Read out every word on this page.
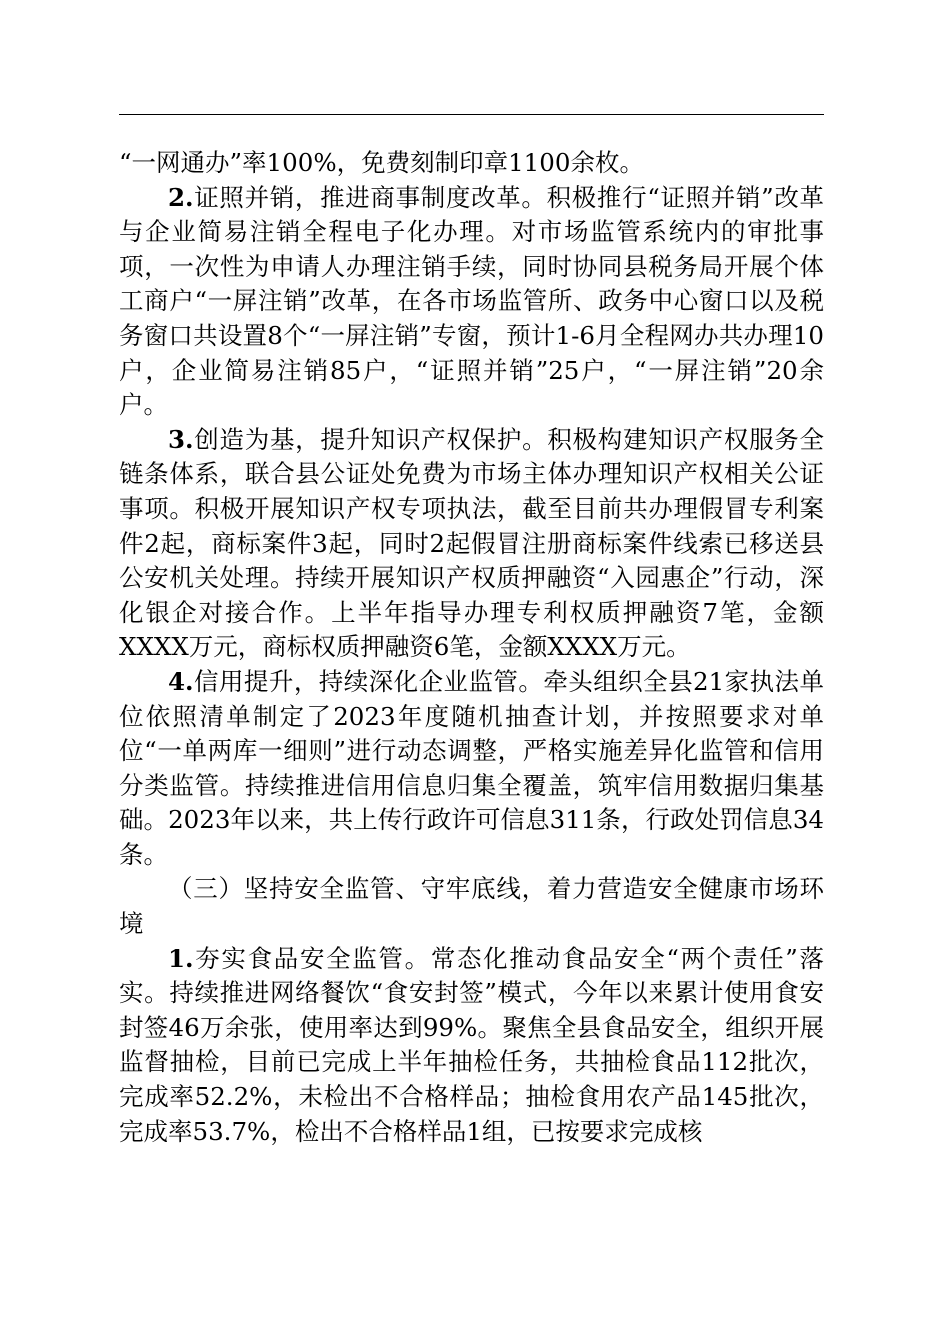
“一网通办”率100%，免费刻制印章1100余枚。

2.证照并销，推进商事制度改革。积极推行“证照并销”改革与企业简易注销全程电子化办理。对市场监管系统内的审批事项，一次性为申请人办理注销手续，同时协同县税务局开展个体工商户“一屏注销”改革，在各市场监管所、政务中心窗口以及税务窗口共设置8个“一屏注销”专窗，预计1-6月全程网办共办理10户，企业简易注销85户，“证照并销”25户，“一屏注销”20余户。

3.创造为基，提升知识产权保护。积极构建知识产权服务全链条体系，联合县公证处免费为市场主体办理知识产权相关公证事项。积极开展知识产权专项执法，截至目前共办理假冒专利案件2起，商标案件3起，同时2起假冒注册商标案件线索已移送县公安机关处理。持续开展知识产权质押融资“入园惠企”行动，深化银企对接合作。上半年指导办理专利权质押融资7笔，金额XXXX万元，商标权质押融资6笔，金额XXXX万元。

4.信用提升，持续深化企业监管。牵头组织全县21家执法单位依照清单制定了2023年度随机抽查计划，并按照要求对单位“一单两库一细则”进行动态调整，严格实施差异化监管和信用分类监管。持续推进信用信息归集全覆盖，筑牢信用数据归集基础。2023年以来，共上传行政许可信息311条，行政处罚信息34条。

（三）坚持安全监管、守牢底线，着力营造安全健康市场环境

1.夯实食品安全监管。常态化推动食品安全“两个责任”落实。持续推进网络餐饮“食安封签”模式，今年以来累计使用食安封签46万余张，使用率达到99%。聚焦全县食品安全，组织开展监督抽检，目前已完成上半年抽检任务，共抽检食品112批次，完成率52.2%，未检出不合格样品；抽检食用农产品145批次，完成率53.7%，检出不合格样品1组，已按要求完成核
